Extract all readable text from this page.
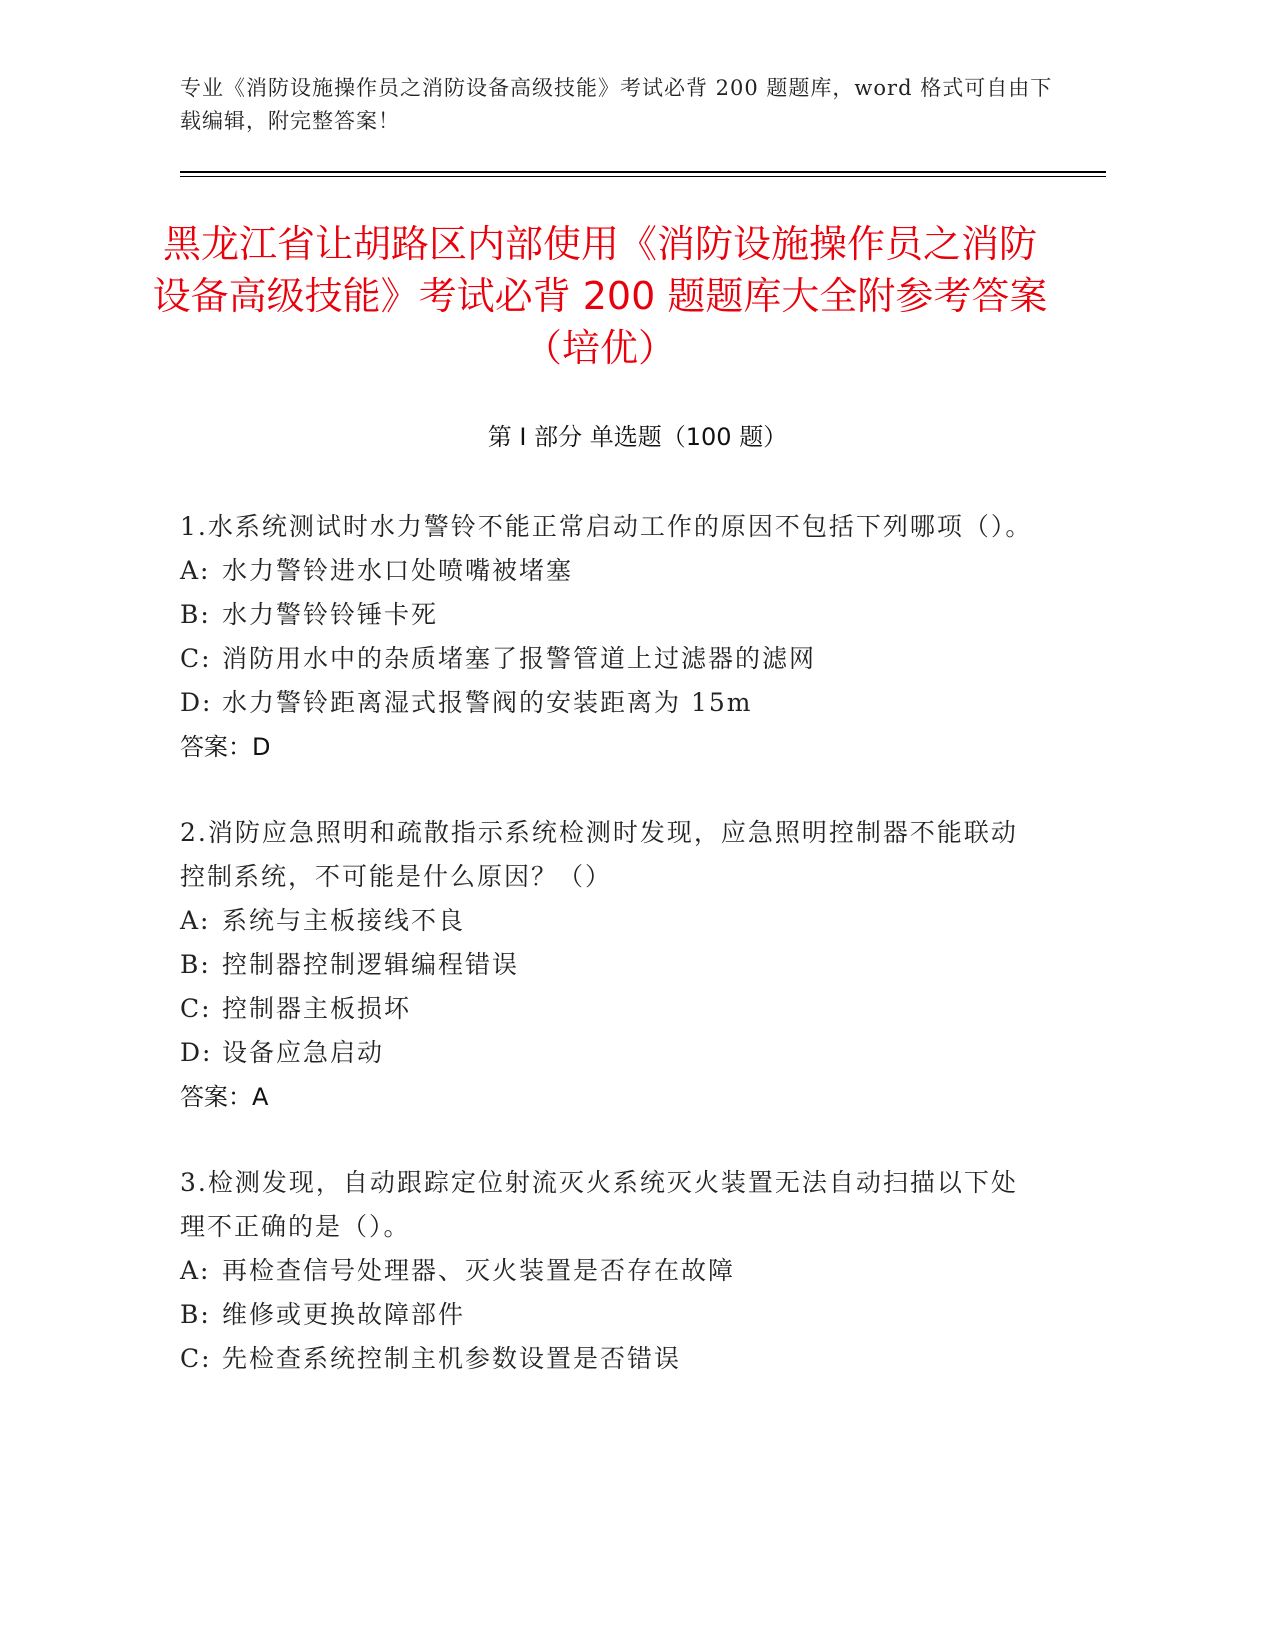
专业《消防设施操作员之消防设备高级技能》考试必背 200 题题库，word 格式可自由下载编辑，附完整答案！
黑龙江省让胡路区内部使用《消防设施操作员之消防设备高级技能》考试必背 200 题题库大全附参考答案（培优）
第 I 部分 单选题（100 题）
1.水系统测试时水力警铃不能正常启动工作的原因不包括下列哪项（）。
A: 水力警铃进水口处喷嘴被堵塞
B: 水力警铃铃锤卡死
C: 消防用水中的杂质堵塞了报警管道上过滤器的滤网
D: 水力警铃距离湿式报警阀的安装距离为 15m
答案：D
2.消防应急照明和疏散指示系统检测时发现，应急照明控制器不能联动控制系统，不可能是什么原因？（）
A: 系统与主板接线不良
B: 控制器控制逻辑编程错误
C: 控制器主板损坏
D: 设备应急启动
答案：A
3.检测发现，自动跟踪定位射流灭火系统灭火装置无法自动扫描以下处理不正确的是（）。
A: 再检查信号处理器、灭火装置是否存在故障
B: 维修或更换故障部件
C: 先检查系统控制主机参数设置是否错误
